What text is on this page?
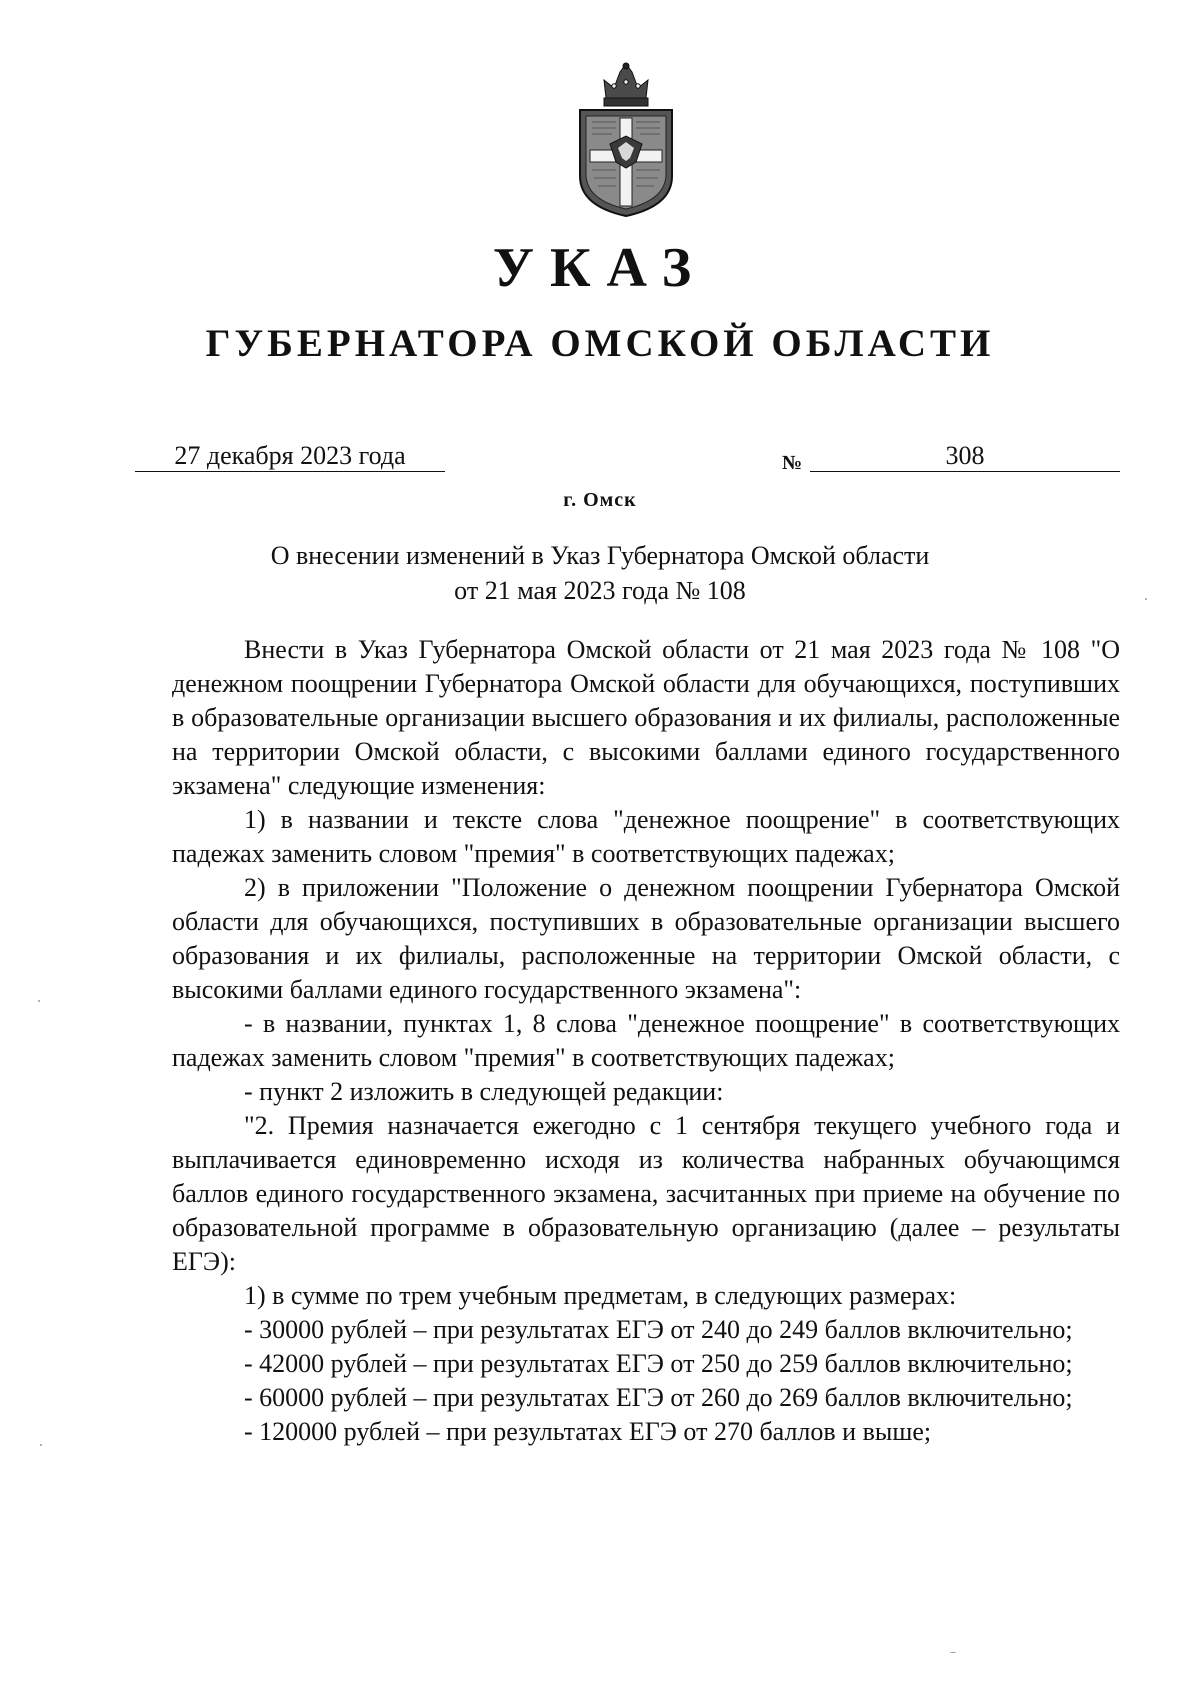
УКАЗ
ГУБЕРНАТОРА ОМСКОЙ ОБЛАСТИ
27 декабря 2023 года	№	308
г. Омск
О внесении изменений в Указ Губернатора Омской области
от 21 мая 2023 года № 108

Внести в Указ Губернатора Омской области от 21 мая 2023 года № 108 "О денежном поощрении Губернатора Омской области для обучающихся, поступивших в образовательные организации высшего образования и их филиалы, расположенные на территории Омской области, с высокими баллами единого государственного экзамена" следующие изменения:

1) в названии и тексте слова "денежное поощрение" в соответствующих падежах заменить словом "премия" в соответствующих падежах;

2) в приложении "Положение о денежном поощрении Губернатора Омской области для обучающихся, поступивших в образовательные организации высшего образования и их филиалы, расположенные на территории Омской области, с высокими баллами единого государственного экзамена":

- в названии, пунктах 1, 8 слова "денежное поощрение" в соответствующих падежах заменить словом "премия" в соответствующих падежах;

- пункт 2 изложить в следующей редакции:

"2. Премия назначается ежегодно с 1 сентября текущего учебного года и выплачивается единовременно исходя из количества набранных обучающимся баллов единого государственного экзамена, засчитанных при приеме на обучение по образовательной программе в образовательную организацию (далее – результаты ЕГЭ):

1) в сумме по трем учебным предметам, в следующих размерах:

- 30000 рублей – при результатах ЕГЭ от 240 до 249 баллов включительно;

- 42000 рублей – при результатах ЕГЭ от 250 до 259 баллов включительно;

- 60000 рублей – при результатах ЕГЭ от 260 до 269 баллов включительно;

- 120000 рублей – при результатах ЕГЭ от 270 баллов и выше;
